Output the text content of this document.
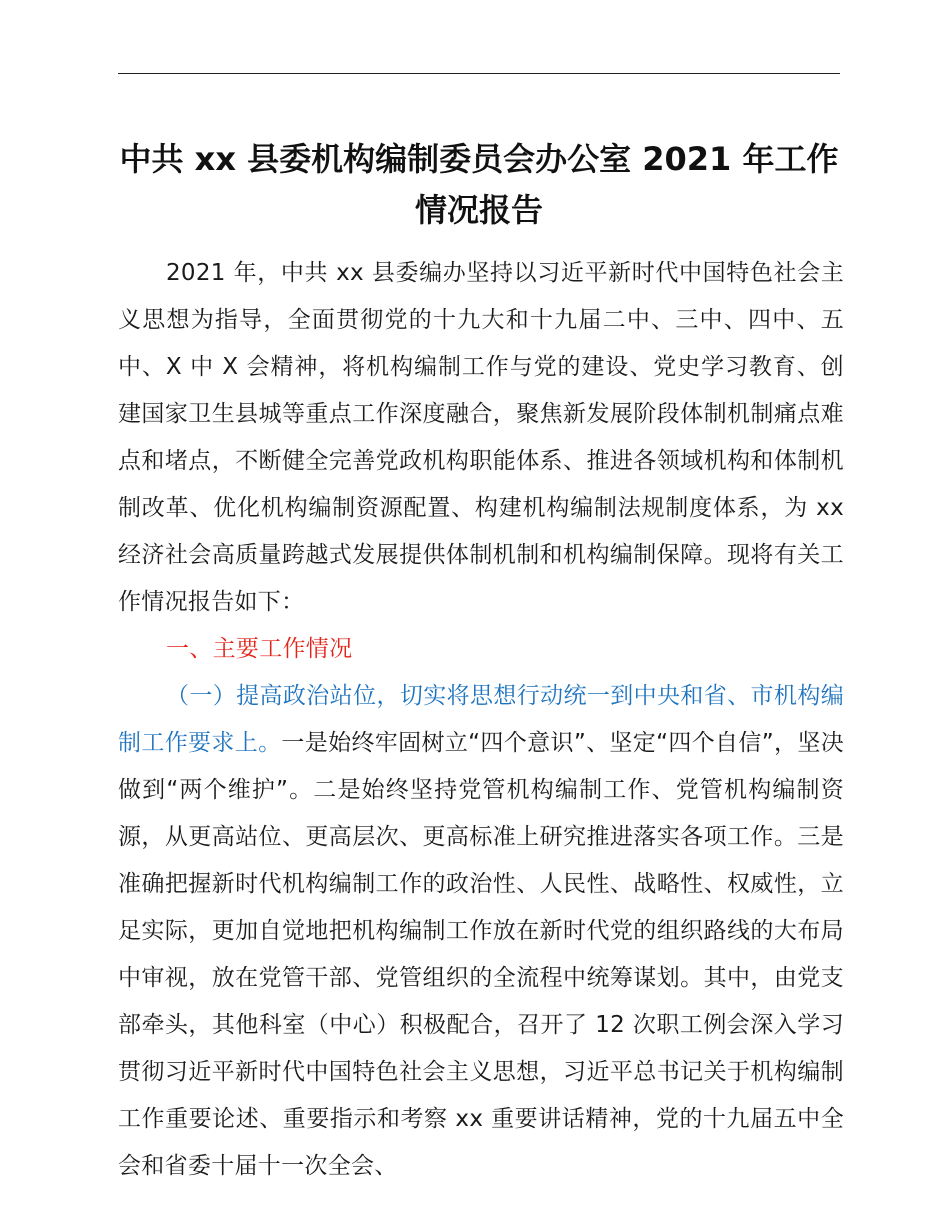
中共 xx 县委机构编制委员会办公室 2021 年工作情况报告

2021 年，中共 xx 县委编办坚持以习近平新时代中国特色社会主义思想为指导，全面贯彻党的十九大和十九届二中、三中、四中、五中、X 中 X 会精神，将机构编制工作与党的建设、党史学习教育、创建国家卫生县城等重点工作深度融合，聚焦新发展阶段体制机制痛点难点和堵点，不断健全完善党政机构职能体系、推进各领域机构和体制机制改革、优化机构编制资源配置、构建机构编制法规制度体系，为 xx 经济社会高质量跨越式发展提供体制机制和机构编制保障。现将有关工作情况报告如下：

一、主要工作情况

（一）提高政治站位，切实将思想行动统一到中央和省、市机构编制工作要求上。一是始终牢固树立“四个意识”、坚定“四个自信”，坚决做到“两个维护”。二是始终坚持党管机构编制工作、党管机构编制资源，从更高站位、更高层次、更高标准上研究推进落实各项工作。三是准确把握新时代机构编制工作的政治性、人民性、战略性、权威性，立足实际，更加自觉地把机构编制工作放在新时代党的组织路线的大布局中审视，放在党管干部、党管组织的全流程中统筹谋划。其中，由党支部牵头，其他科室（中心）积极配合，召开了 12 次职工例会深入学习贯彻习近平新时代中国特色社会主义思想，习近平总书记关于机构编制工作重要论述、重要指示和考察 xx 重要讲话精神，党的十九届五中全会和省委十届十一次全会、
